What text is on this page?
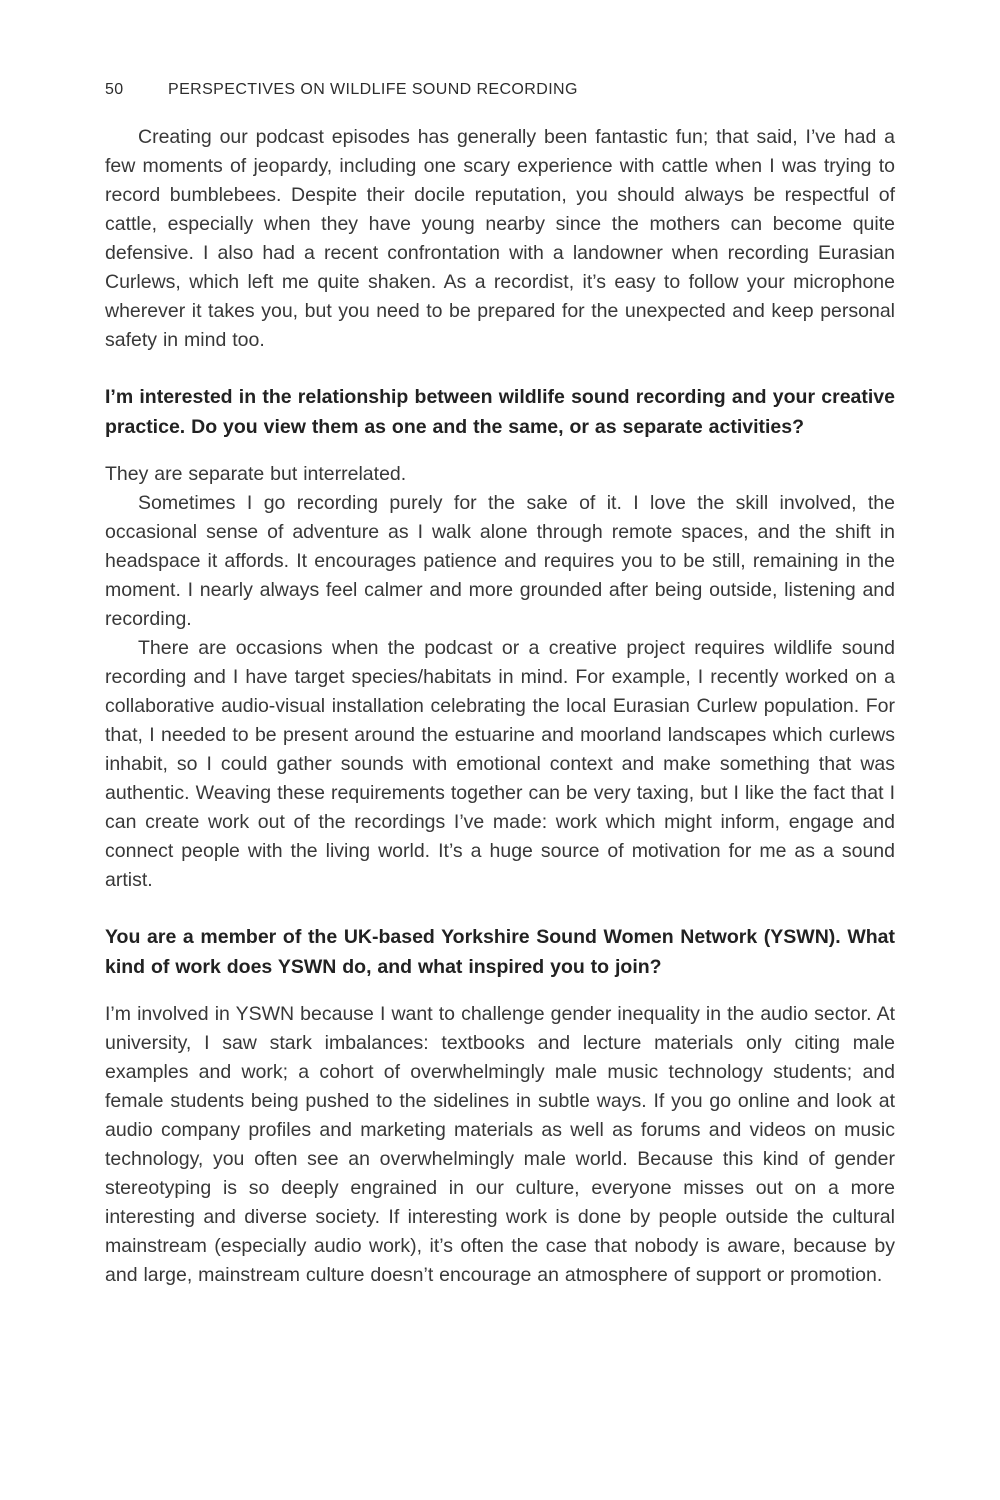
50	PERSPECTIVES ON WILDLIFE SOUND RECORDING

Creating our podcast episodes has generally been fantastic fun; that said, I’ve had a few moments of jeopardy, including one scary experience with cattle when I was trying to record bumblebees. Despite their docile reputation, you should always be respectful of cattle, especially when they have young nearby since the mothers can become quite defensive. I also had a recent confrontation with a landowner when recording Eurasian Curlews, which left me quite shaken. As a recordist, it’s easy to follow your microphone wherever it takes you, but you need to be prepared for the unexpected and keep personal safety in mind too.

I’m interested in the relationship between wildlife sound recording and your creative practice. Do you view them as one and the same, or as separate activities?

They are separate but interrelated.

Sometimes I go recording purely for the sake of it. I love the skill involved, the occasional sense of adventure as I walk alone through remote spaces, and the shift in headspace it affords. It encourages patience and requires you to be still, remaining in the moment. I nearly always feel calmer and more grounded after being outside, listening and recording.

There are occasions when the podcast or a creative project requires wildlife sound recording and I have target species/habitats in mind. For example, I recently worked on a collaborative audio-visual installation celebrating the local Eurasian Curlew population. For that, I needed to be present around the estuarine and moorland landscapes which curlews inhabit, so I could gather sounds with emotional context and make something that was authentic. Weaving these requirements together can be very taxing, but I like the fact that I can create work out of the recordings I’ve made: work which might inform, engage and connect people with the living world. It’s a huge source of motivation for me as a sound artist.

You are a member of the UK-based Yorkshire Sound Women Network (YSWN). What kind of work does YSWN do, and what inspired you to join?

I’m involved in YSWN because I want to challenge gender inequality in the audio sector. At university, I saw stark imbalances: textbooks and lecture materials only citing male examples and work; a cohort of overwhelmingly male music technology students; and female students being pushed to the sidelines in subtle ways. If you go online and look at audio company profiles and marketing materials as well as forums and videos on music technology, you often see an overwhelmingly male world. Because this kind of gender stereotyping is so deeply engrained in our culture, everyone misses out on a more interesting and diverse society. If interesting work is done by people outside the cultural mainstream (especially audio work), it’s often the case that nobody is aware, because by and large, mainstream culture doesn’t encourage an atmosphere of support or promotion.
